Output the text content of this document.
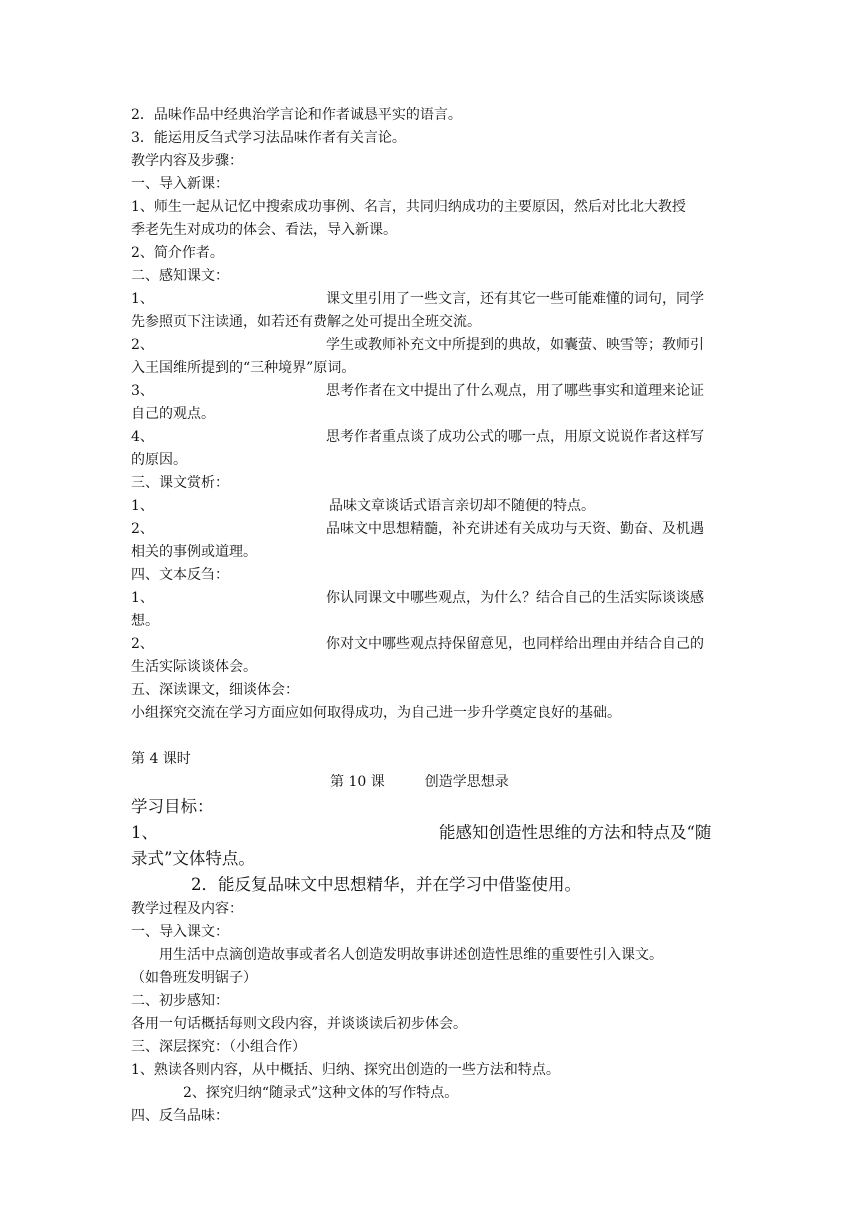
2．品味作品中经典治学言论和作者诚恳平实的语言。
3．能运用反刍式学习法品味作者有关言论。
教学内容及步骤：
一、导入新课：
1、师生一起从记忆中搜索成功事例、名言，共同归纳成功的主要原因，然后对比北大教授
季老先生对成功的体会、看法，导入新课。
2、简介作者。
二、感知课文：
1、	课文里引用了一些文言，还有其它一些可能难懂的词句，同学
先参照页下注读通，如若还有费解之处可提出全班交流。
2、	学生或教师补充文中所提到的典故，如囊萤、映雪等；教师引
入王国维所提到的“三种境界”原词。
3、	思考作者在文中提出了什么观点，用了哪些事实和道理来论证
自己的观点。
4、	思考作者重点谈了成功公式的哪一点，用原文说说作者这样写
的原因。
三、课文赏析：
1、	品味文章谈话式语言亲切却不随便的特点。
2、	品味文中思想精髓，补充讲述有关成功与天资、勤奋、及机遇
相关的事例或道理。
四、文本反刍：
1、	你认同课文中哪些观点，为什么？结合自己的生活实际谈谈感
想。
2、	你对文中哪些观点持保留意见，也同样给出理由并结合自己的
生活实际谈谈体会。
五、深读课文，细谈体会：
小组探究交流在学习方面应如何取得成功，为自己进一步升学奠定良好的基础。
第 4 课时
第 10 课	创造学思想录
学习目标：
1、	能感知创造性思维的方法和特点及“随
录式”文体特点。
2．能反复品味文中思想精华，并在学习中借鉴使用。
教学过程及内容：
一、导入课文：
用生活中点滴创造故事或者名人创造发明故事讲述创造性思维的重要性引入课文。
（如鲁班发明锯子）
二、初步感知：
各用一句话概括每则文段内容，并谈谈读后初步体会。
三、深层探究：（小组合作）
1、熟读各则内容，从中概括、归纳、探究出创造的一些方法和特点。
2、探究归纳“随录式”这种文体的写作特点。
四、反刍品味：
